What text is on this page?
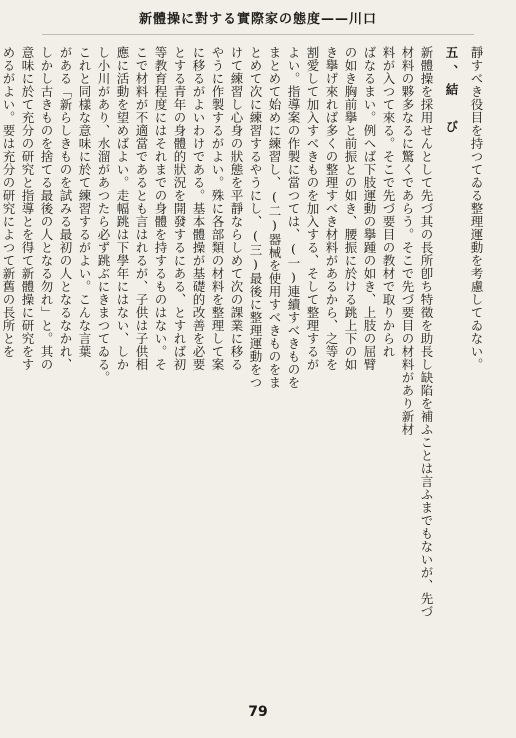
新體操に對する實際家の態度——川口
靜すべき役目を持つてゐる整理運動を考慮してゐない。
五、結　び
新體操を採用せんとして先づ其の長所卽ち特徵を助長し缺陷を補ふことは言ふまでもないが、先づ
材料の夥多なるに驚くであらう。そこで先づ要目の材料があり新材
料が入つて來る。そこで先づ要目の教材で取りかられ
ばなるまい。例へば下肢運動の擧踵の如き、上肢の屈臂
の如き胸前擧と前振との如き、腰振に於ける跳上下の如
き擧げ來れば多くの整理すべき材料があるから、之等を
割愛して加入すべきものを加入する、そして整理するが
よい。指導案の作製に當つては、(一)連續すべきものを
まとめて始めに練習し、(二)器械を使用すべきものをま
とめて次に練習するやうにし、(三)最後に整理運動をつ
けて練習し心身の狀態を平靜ならしめて次の課業に移る
やうに作製するがよい。殊に各部類の材料を整理して案
に移るがよいわけである。基本體操が基礎的改善を必要
とする青年の身體的狀況を開發するにある、とすれば初
等教育程度にはそれまでの身體を持するものはない。そ
こで材料が不適當であるとも言はれるが、子供は子供相
應に活動を望めばよい。走幅跳は下學年にはない、しか
し小川があり、水溜があつたら必ず跳ぶにきまつてゐる。
これと同樣な意味に於て練習するがよい。こんな言葉
がある「新らしきものを試みる最初の人となるなかれ、
しかし古きものを捨てる最後の人となる勿れ」と。其の
意味に於て充分の研究と指導とを得て新體操に研究をす
めるがよい。要は充分の研究によつて新舊の長所とを
79
